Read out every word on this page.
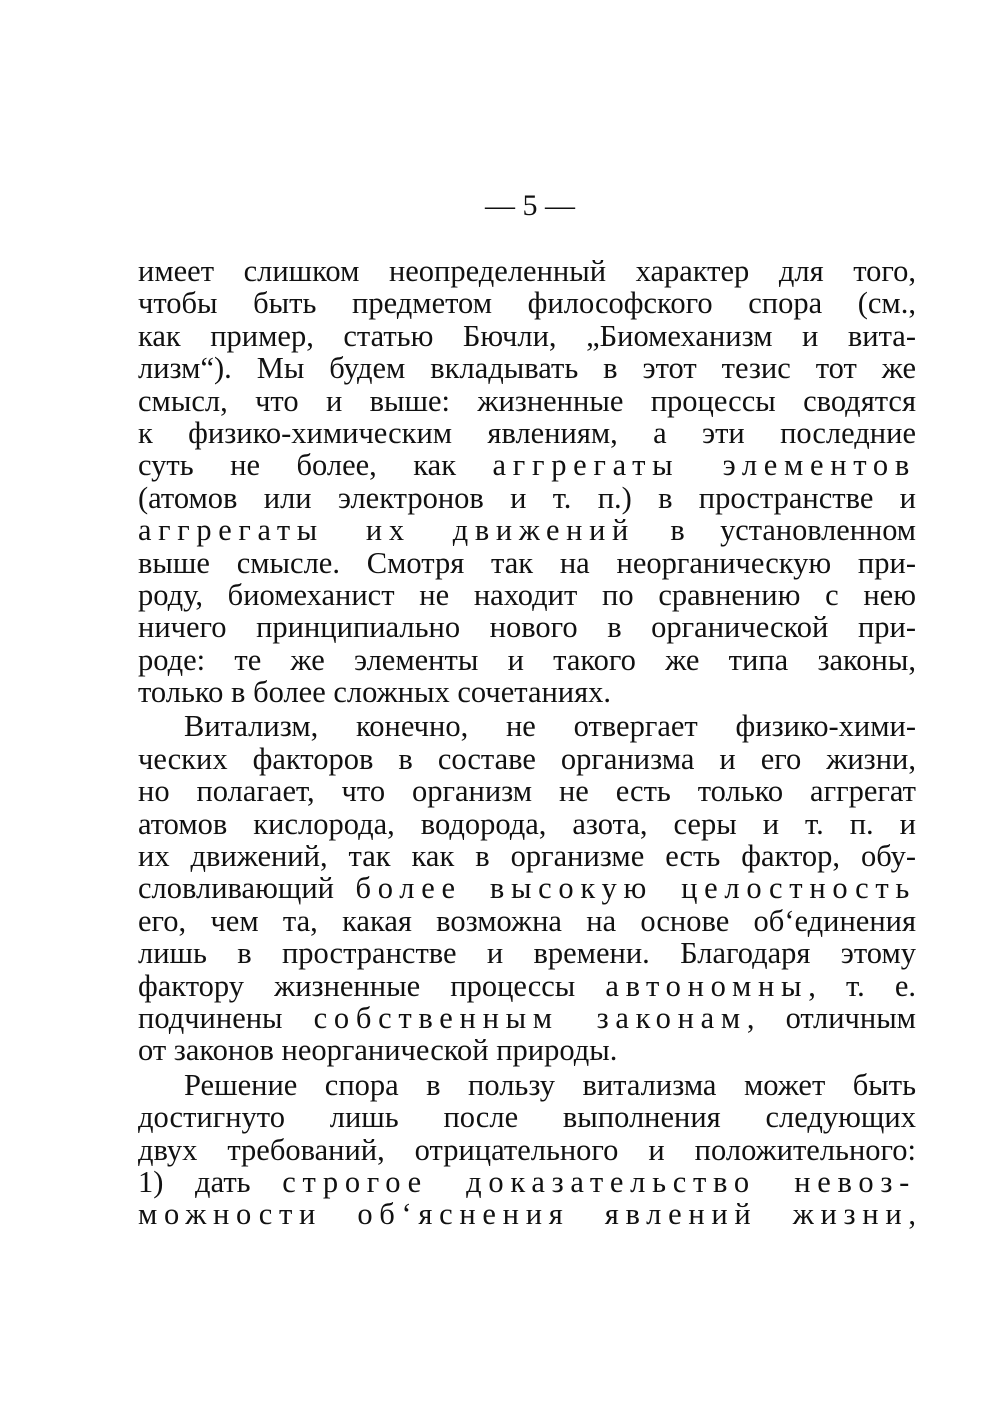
— 5 —
имеет слишком неопределенный характер для того,
чтобы быть предметом философского спора (см.,
как пример, статью Бючли, „Биомеханизм и вита-
лизм“). Мы будем вкладывать в этот тезис тот же
смысл, что и выше: жизненные процессы сводятся
к физико-химическим явлениям, а эти последние
суть не более, как аггрегаты элементов
(атомов или электронов и т. п.) в пространстве и
аггрегаты их движений в установленном
выше смысле. Смотря так на неорганическую при-
роду, биомеханист не находит по сравнению с нею
ничего принципиально нового в органической при-
роде: те же элементы и такого же типа законы,
только в более сложных сочетаниях.
Витализм, конечно, не отвергает физико-хими-
ческих факторов в составе организма и его жизни,
но полагает, что организм не есть только аггрегат
атомов кислорода, водорода, азота, серы и т. п. и
их движений, так как в организме есть фактор, обу-
словливающий более высокую целостность
его, чем та, какая возможна на основе об‘единения
лишь в пространстве и времени. Благодаря этому
фактору жизненные процессы автономны, т. е.
подчинены собственным законам, отличным
от законов неорганической природы.
Решение спора в пользу витализма может быть
достигнуто лишь после выполнения следующих
двух требований, отрицательного и положительного:
1) дать строгое доказательство невоз-
можности об‘яснения явлений жизни,
